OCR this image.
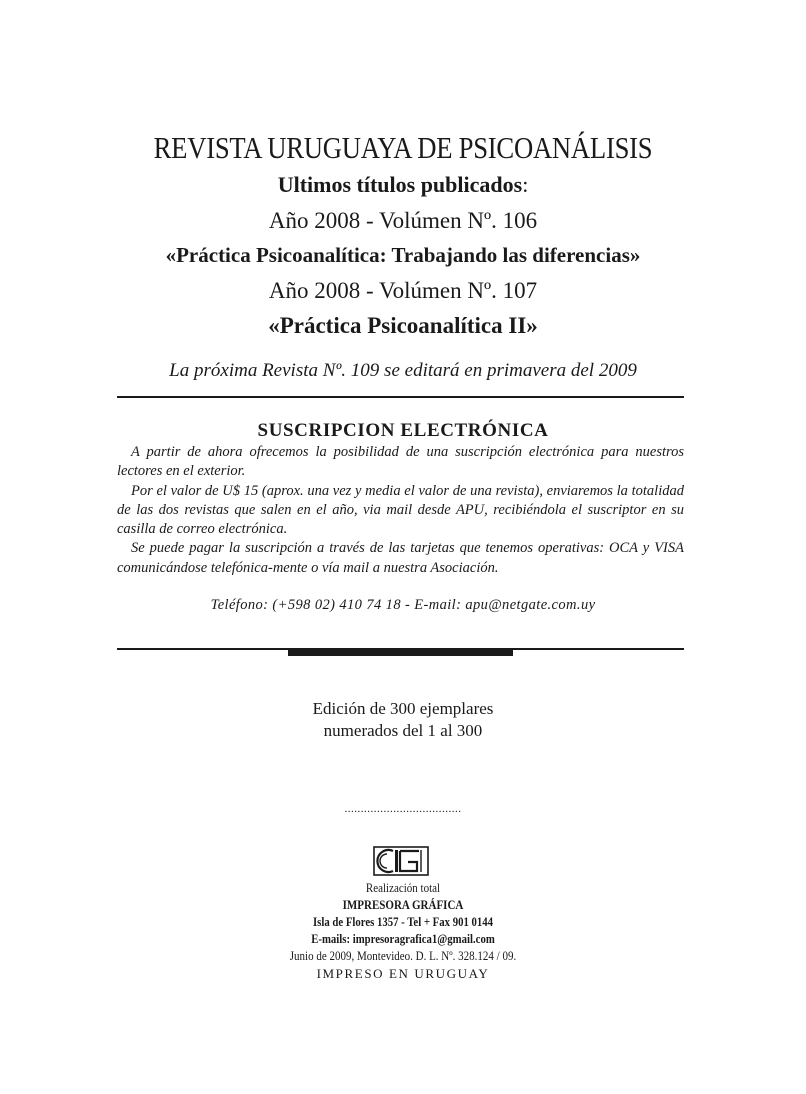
REVISTA URUGUAYA DE PSICOANÁLISIS
Ultimos títulos publicados:
Año 2008 - Volúmen Nº. 106
«Práctica Psicoanalítica: Trabajando las diferencias»
Año 2008 - Volúmen Nº. 107
«Práctica Psicoanalítica II»
La próxima Revista Nº. 109 se editará en primavera del 2009
SUSCRIPCION ELECTRÓNICA

A partir de ahora ofrecemos la posibilidad de una suscripción electrónica para nuestros lectores en el exterior.

Por el valor de U$ 15 (aprox. una vez y media el valor de una revista), enviaremos la totalidad de las dos revistas que salen en el año, via mail desde APU, recibiéndola el suscriptor en su casilla de correo electrónica.

Se puede pagar la suscripción a través de las tarjetas que tenemos operativas: OCA y VISA comunicándose telefónica-mente o vía mail a nuestra Asociación.

Teléfono: (+598 02) 410 74 18 - E-mail: apu@netgate.com.uy
Edición de 300 ejemplares
numerados del 1 al 300
....................................
Realización total
IMPRESORA GRÁFICA
Isla de Flores 1357 - Tel + Fax 901 0144
E-mails: impresoragrafica1@gmail.com
Junio de 2009, Montevideo. D. L. Nº. 328.124 / 09.
IMPRESO EN URUGUAY
